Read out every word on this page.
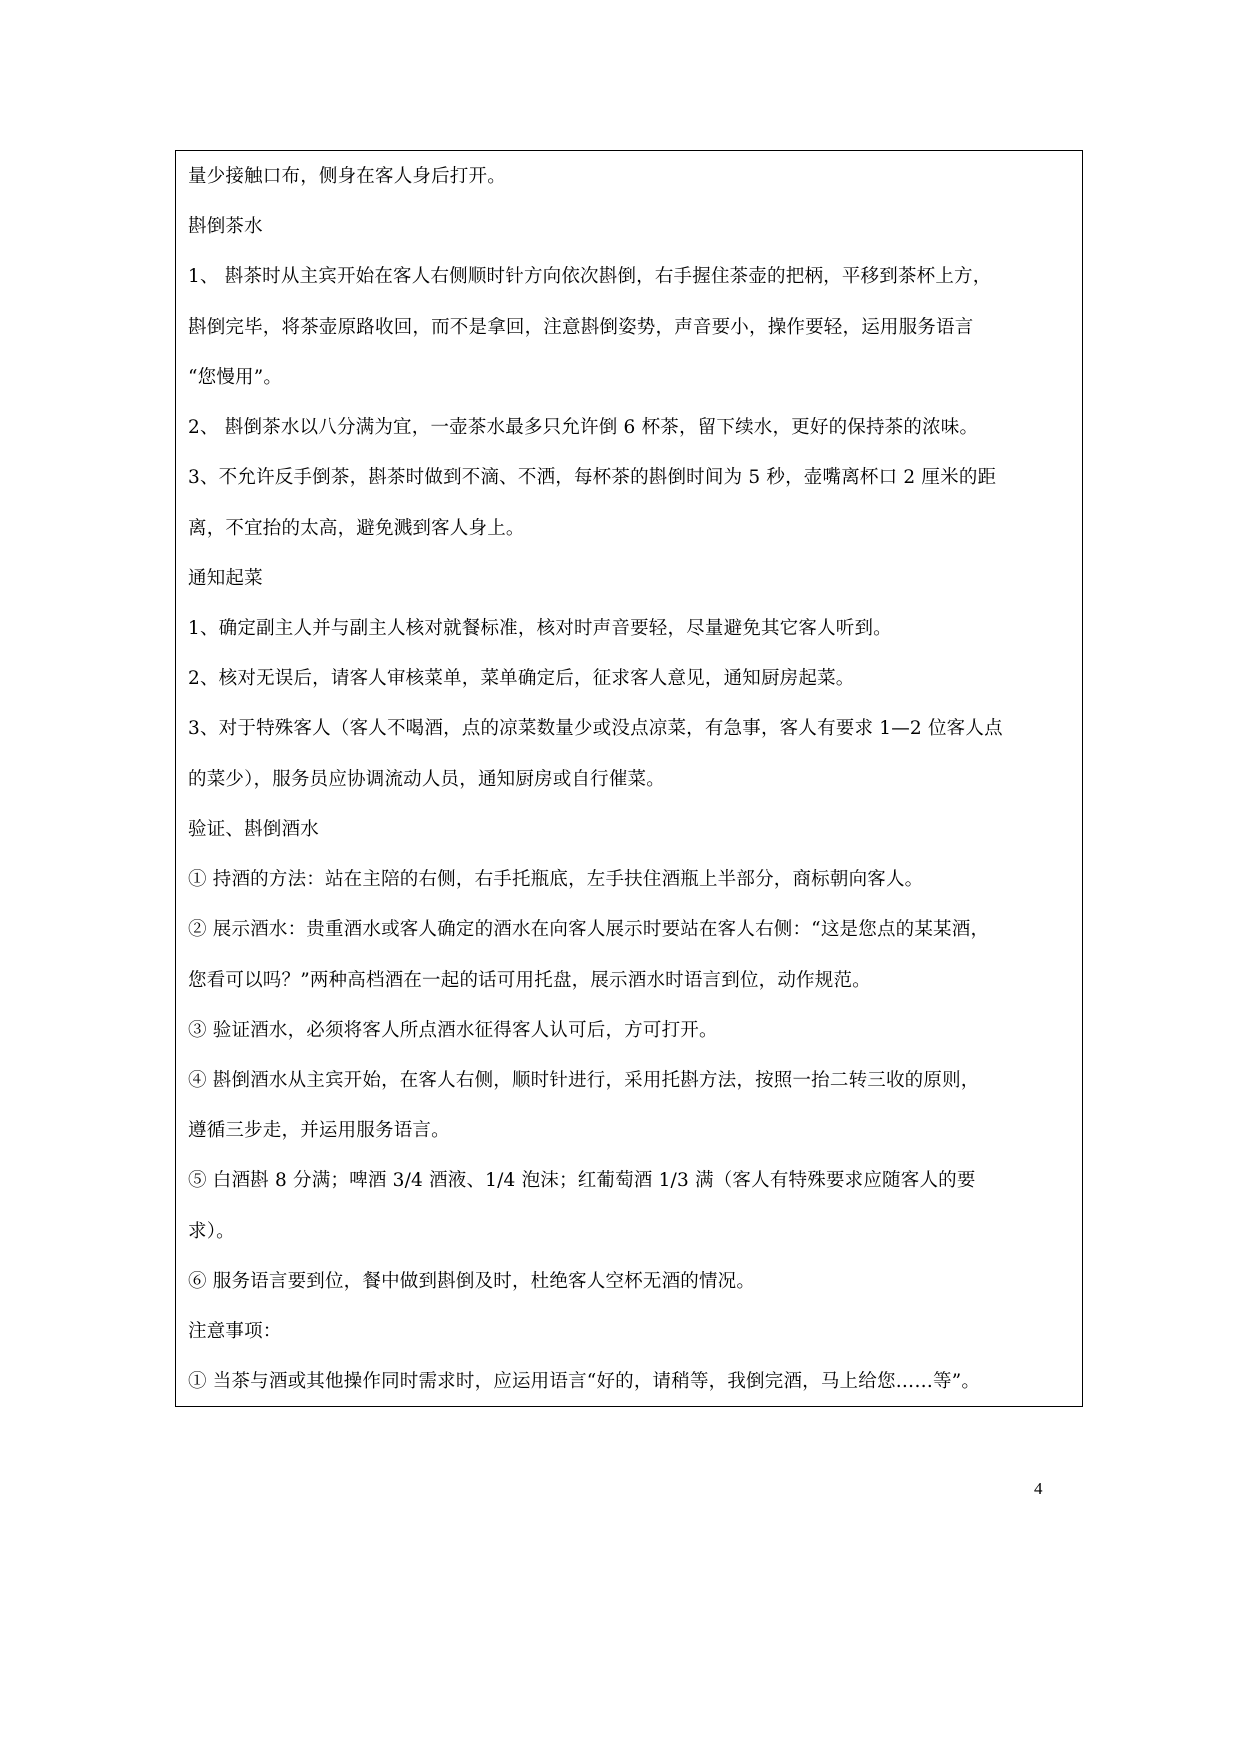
量少接触口布，侧身在客人身后打开。
斟倒茶水
1、 斟茶时从主宾开始在客人右侧顺时针方向依次斟倒，右手握住茶壶的把柄，平移到茶杯上方，
斟倒完毕，将茶壶原路收回，而不是拿回，注意斟倒姿势，声音要小，操作要轻，运用服务语言
“您慢用”。
2、 斟倒茶水以八分满为宜，一壶茶水最多只允许倒 6 杯茶，留下续水，更好的保持茶的浓味。
3、不允许反手倒茶，斟茶时做到不滴、不洒，每杯茶的斟倒时间为 5 秒，壶嘴离杯口 2 厘米的距
离，不宜抬的太高，避免溅到客人身上。
通知起菜
1、确定副主人并与副主人核对就餐标准，核对时声音要轻，尽量避免其它客人听到。
2、核对无误后，请客人审核菜单，菜单确定后，征求客人意见，通知厨房起菜。
3、对于特殊客人（客人不喝酒，点的凉菜数量少或没点凉菜，有急事，客人有要求 1—2 位客人点
的菜少），服务员应协调流动人员，通知厨房或自行催菜。
验证、斟倒酒水
① 持酒的方法：站在主陪的右侧，右手托瓶底，左手扶住酒瓶上半部分，商标朝向客人。
② 展示酒水：贵重酒水或客人确定的酒水在向客人展示时要站在客人右侧：“这是您点的某某酒，
您看可以吗？”两种高档酒在一起的话可用托盘，展示酒水时语言到位，动作规范。
③ 验证酒水，必须将客人所点酒水征得客人认可后，方可打开。
④ 斟倒酒水从主宾开始，在客人右侧，顺时针进行，采用托斟方法，按照一抬二转三收的原则，
遵循三步走，并运用服务语言。
⑤ 白酒斟 8 分满；啤酒 3/4 酒液、1/4 泡沫；红葡萄酒 1/3 满（客人有特殊要求应随客人的要
求）。
⑥ 服务语言要到位，餐中做到斟倒及时，杜绝客人空杯无酒的情况。
注意事项：
① 当茶与酒或其他操作同时需求时，应运用语言“好的，请稍等，我倒完酒，马上给您……等”。
4
